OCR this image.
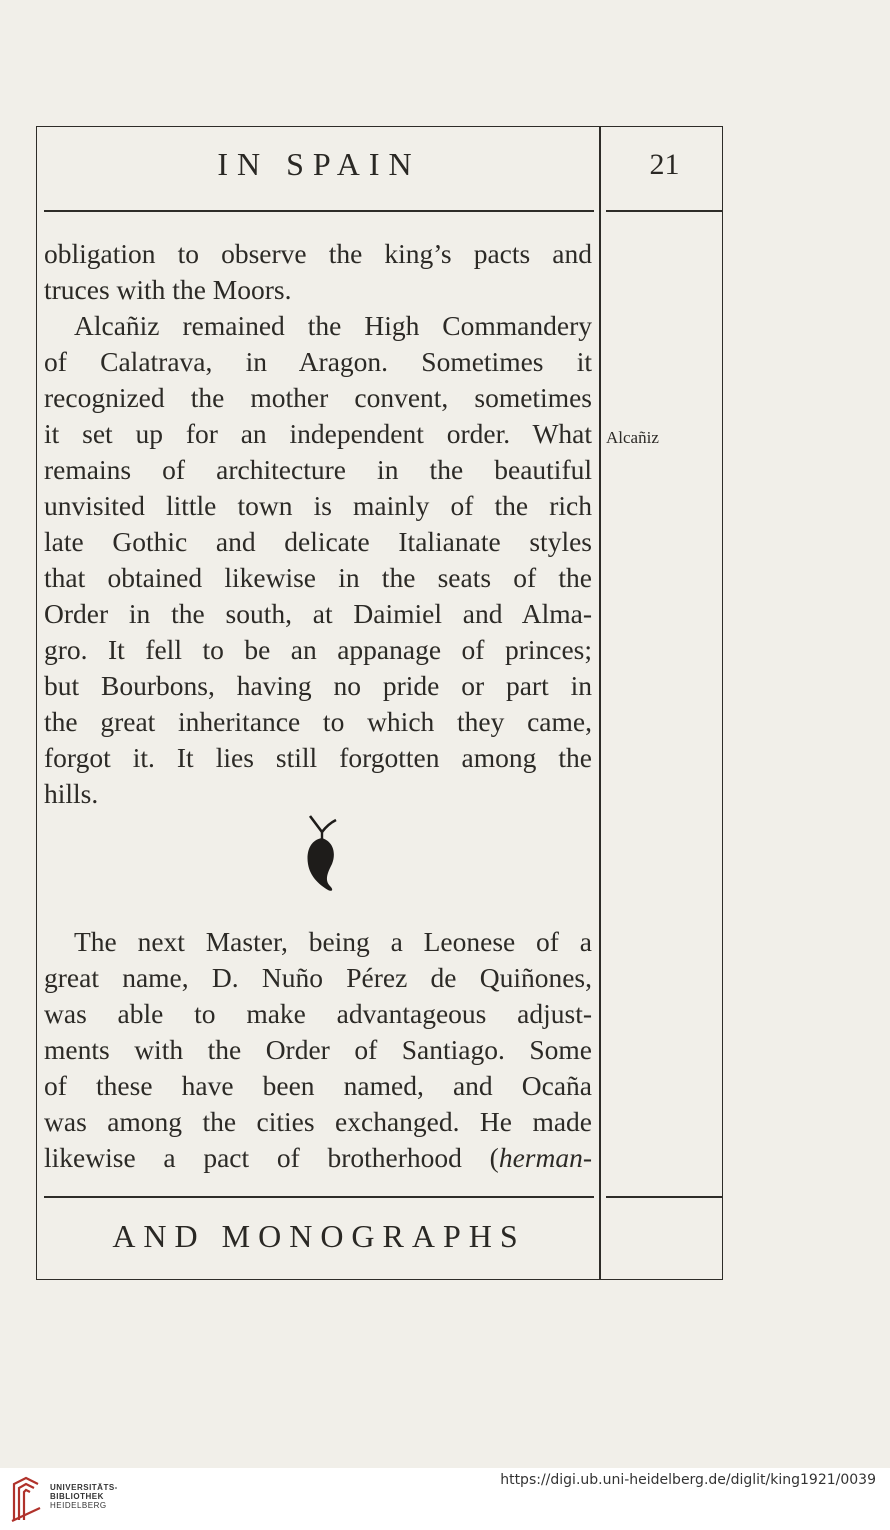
IN SPAIN	21

obligation to observe the king’s pacts and

truces with the Moors.

Alcañiz remained the High Commandery

of Calatrava, in Aragon. Sometimes it

recognized the mother convent, sometimes

it set up for an independent order. What

remains of architecture in the beautiful

unvisited little town is mainly of the rich

late Gothic and delicate Italianate styles

that obtained likewise in the seats of the

Order in the south, at Daimiel and Alma-

gro. It fell to be an appanage of princes;

but Bourbons, having no pride or part in

the great inheritance to which they came,

forgot it. It lies still forgotten among the

hills.

Alcañiz

The next Master, being a Leonese of a

great name, D. Nuño Pérez de Quiñones,

was able to make advantageous adjust-

ments with the Order of Santiago. Some

of these have been named, and Ocaña

was among the cities exchanged. He made

likewise a pact of brotherhood (herman-

AND MONOGRAPHS
UNIVERSITÄTS-
BIBLIOTHEK
HEIDELBERG
https://digi.ub.uni-heidelberg.de/diglit/king1921/0039
